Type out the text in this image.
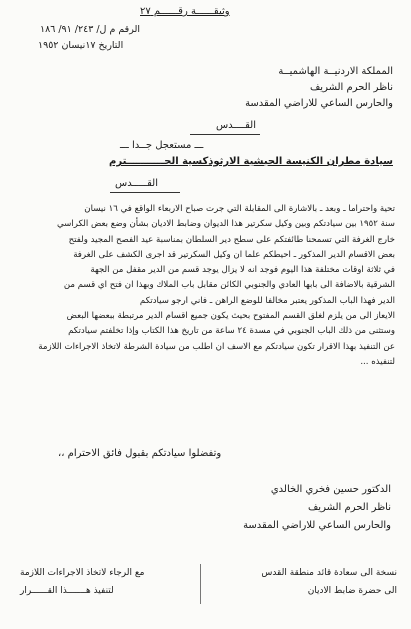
وثيقــــــة رقــــــم ٢٧
الرقم م ل/ ٢٤٣/ ٩١/ ١٨٦
التاريخ ١٧نيسان ١٩٥٢
المملكة الاردنيــة الهاشميــة
ناظر الحرم الشريف
والحارس الساعي للاراضي المقدسة
القــــدس
ـــ مستعجل جــدا ـــ
سيادة مطران الكنيسة الحبشية الارثوذكسية الحـــــــــــترم
القـــــدس
تحية واحتراما ـ وبعد ـ بالاشارة الى المقابلة التي جرت صباح الاربعاء الواقع في ١٦ نيسان
سنة ١٩٥٢ بين سيادتكم وبين وكيل سكرتير هذا الديوان وضابط الاديان بشأن وضع بعض الكراسي
خارج الغرفة التي تسمحنا طائفتكم على سطح دير السلطان بمناسبة عيد الفصح المجيد ولفتح
بعض الاقسام الدير المذكور ـ احيطكم علما ان وكيل السكرتير قد اجرى الكشف على الغرفة
في ثلاثة اوقات مختلفة هذا اليوم فوجد انه لا يزال يوجد قسم من الدير مقفل من الجهة
الشرقية بالاضافة الى بابها العادي والجنوبي الكائن مقابل باب الملاك وبهذا ان فتح اي قسم من
الدير فهذا الباب المذكور يعتبر مخالفا للوضع الراهن ـ فاني ارجو سيادتكم
الايعاز الى من يلزم لغلق القسم المفتوح بحيث يكون جميع اقسام الدير مرتبطة ببعضها البعض
وستثنى من ذلك الباب الجنوبي في مسدة ٢٤ ساعة من تاريخ هذا الكتاب وإذا تخلفتم سيادتكم
عن التنفيذ بهذا الاقرار تكون سيادتكم مع الاسف ان اطلب من سيادة الشرطة لاتخاذ الاجراءات اللازمة
لتنفيذه ...
وتفضلوا سيادتكم بقبول فائق الاحترام ،،
الدكتور حسين فخري الخالدي
ناظر الحرم الشريف
والحارس الساعي للاراضي المقدسة
مع الرجاء لاتخاذ الاجراءات اللازمة
لتنفيذ هـــــــذا القــــــرار
نسخة الى سعادة قائد منطقة القدس
الى حضرة ضابط الاديان
